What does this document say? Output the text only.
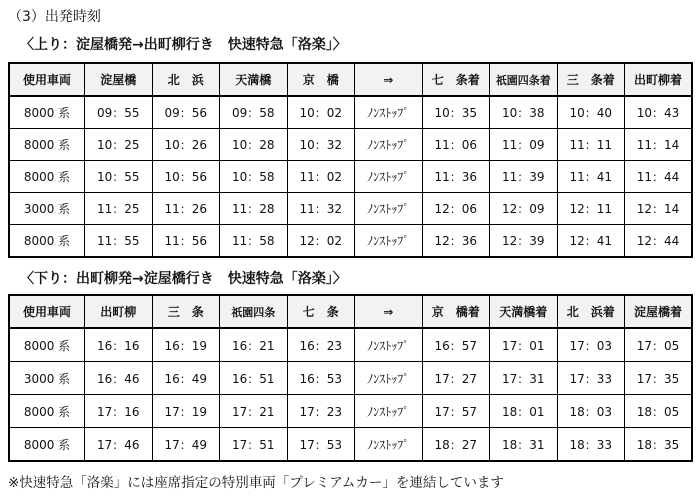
（3）出発時刻
〈上り：淀屋橋発→出町柳行き　快速特急「洛楽」〉
使用車両	淀屋橋	北　浜	天満橋	京　橋	⇒	七　条着	祇園四条着	三　条着	出町柳着
8000 系	09：55	09：56	09：58	10：02	ﾉﾝｽﾄｯﾌﾟ	10：35	10：38	10：40	10：43
8000 系	10：25	10：26	10：28	10：32	ﾉﾝｽﾄｯﾌﾟ	11：06	11：09	11：11	11：14
8000 系	10：55	10：56	10：58	11：02	ﾉﾝｽﾄｯﾌﾟ	11：36	11：39	11：41	11：44
3000 系	11：25	11：26	11：28	11：32	ﾉﾝｽﾄｯﾌﾟ	12：06	12：09	12：11	12：14
8000 系	11：55	11：56	11：58	12：02	ﾉﾝｽﾄｯﾌﾟ	12：36	12：39	12：41	12：44
〈下り：出町柳発→淀屋橋行き　快速特急「洛楽」〉
使用車両	出町柳	三　条	祇園四条	七　条	⇒	京　橋着	天満橋着	北　浜着	淀屋橋着
8000 系	16：16	16：19	16：21	16：23	ﾉﾝｽﾄｯﾌﾟ	16：57	17：01	17：03	17：05
3000 系	16：46	16：49	16：51	16：53	ﾉﾝｽﾄｯﾌﾟ	17：27	17：31	17：33	17：35
8000 系	17：16	17：19	17：21	17：23	ﾉﾝｽﾄｯﾌﾟ	17：57	18：01	18：03	18：05
8000 系	17：46	17：49	17：51	17：53	ﾉﾝｽﾄｯﾌﾟ	18：27	18：31	18：33	18：35
※快速特急「洛楽」には座席指定の特別車両「プレミアムカー」を連結しています
